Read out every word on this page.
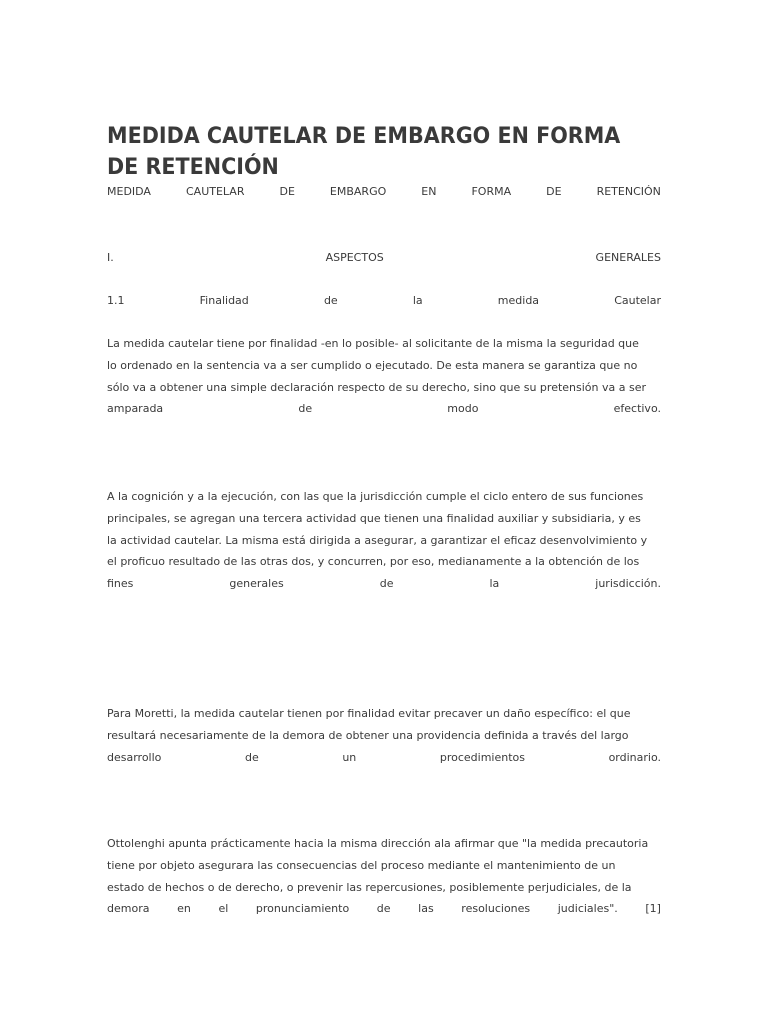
MEDIDA CAUTELAR DE EMBARGO EN FORMA DE RETENCIÓN
MEDIDA	CAUTELAR	DE	EMBARGO	EN	FORMA	DE	RETENCIÓN
I.	ASPECTOS	GENERALES
1.1	Finalidad	de	la	medida	Cautelar
La medida cautelar tiene por finalidad -en lo posible- al solicitante de la misma la seguridad que
lo ordenado en la sentencia va a ser cumplido o ejecutado. De esta manera se garantiza que no
sólo va a obtener una simple declaración respecto de su derecho, sino que su pretensión va a ser
amparada	de	modo	efectivo.
A la cognición y a la ejecución, con las que la jurisdicción cumple el ciclo entero de sus funciones
principales, se agregan una tercera actividad que tienen una finalidad auxiliar y subsidiaria, y es
la actividad cautelar. La misma está dirigida a asegurar, a garantizar el eficaz desenvolvimiento y
el proficuo resultado de las otras dos, y concurren, por eso, medianamente a la obtención de los
fines	generales	de	la	jurisdicción.
Para Moretti, la medida cautelar tienen por finalidad evitar precaver un daño específico: el que
resultará necesariamente de la demora de obtener una providencia definida a través del largo
desarrollo	de	un	procedimientos	ordinario.
Ottolenghi apunta prácticamente hacia la misma dirección ala afirmar que "la medida precautoria
tiene por objeto asegurara las consecuencias del proceso mediante el mantenimiento de un
estado de hechos o de derecho, o prevenir las repercusiones, posiblemente perjudiciales, de la
demora	en	el	pronunciamiento	de	las	resoluciones	judiciales".	[1]
